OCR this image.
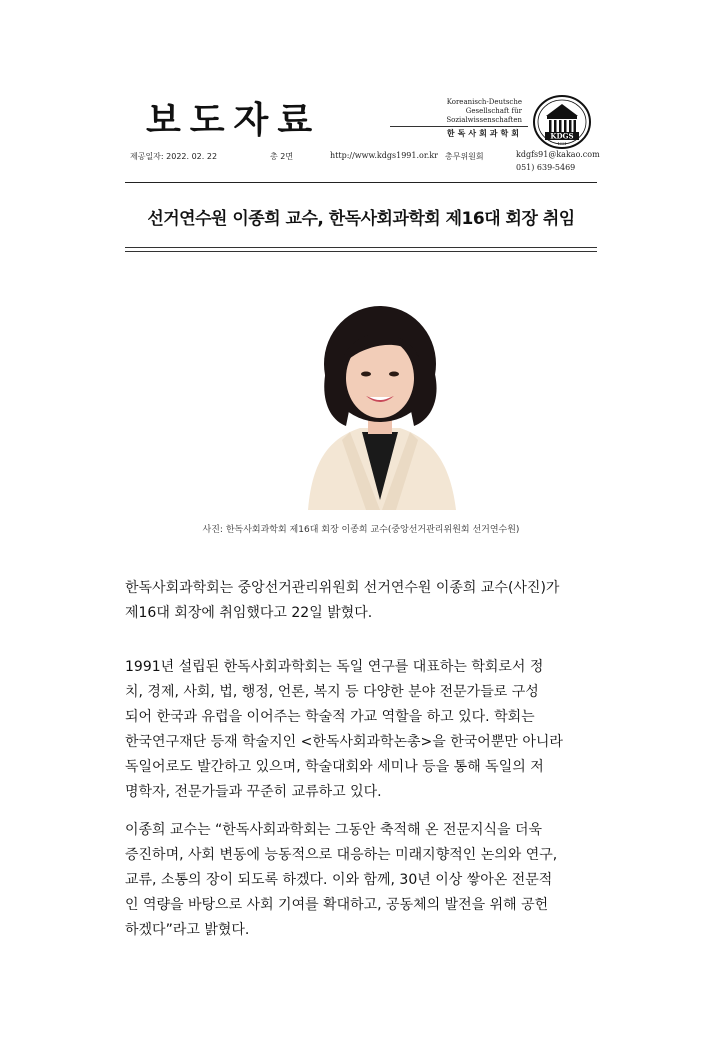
보도자료	Koreanisch-Deutsche
Gesellschaft für Sozialwissenschaften
한독사회과학회	KDGS
1991
제공일자: 2022. 02. 22	총 2면	http://www.kdgs1991.or.kr 총무위원회	kdgfs91@kakao.com
051) 639-5469
선거연수원 이종희 교수, 한독사회과학회 제16대 회장 취임
사진: 한독사회과학회 제16대 회장 이종희 교수(중앙선거관리위원회 선거연수원)
한독사회과학회는 중앙선거관리위원회 선거연수원 이종희 교수(사진)가
제16대 회장에 취임했다고 22일 밝혔다.
1991년 설립된 한독사회과학회는 독일 연구를 대표하는 학회로서 정
치, 경제, 사회, 법, 행정, 언론, 복지 등 다양한 분야 전문가들로 구성
되어 한국과 유럽을 이어주는 학술적 가교 역할을 하고 있다. 학회는
한국연구재단 등재 학술지인 <한독사회과학논총>을 한국어뿐만 아니라
독일어로도 발간하고 있으며, 학술대회와 세미나 등을 통해 독일의 저
명학자, 전문가들과 꾸준히 교류하고 있다.
이종희 교수는 “한독사회과학회는 그동안 축적해 온 전문지식을 더욱
증진하며, 사회 변동에 능동적으로 대응하는 미래지향적인 논의와 연구,
교류, 소통의 장이 되도록 하겠다. 이와 함께, 30년 이상 쌓아온 전문적
인 역량을 바탕으로 사회 기여를 확대하고, 공동체의 발전을 위해 공헌
하겠다”라고 밝혔다.
